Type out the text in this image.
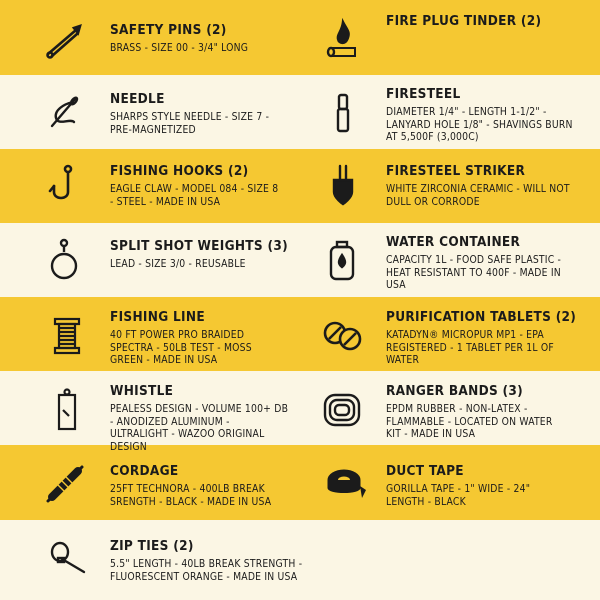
SAFETY PINS (2)
BRASS - SIZE 00 - 3/4" LONG
FIRE PLUG TINDER (2)
NEEDLE
SHARPS STYLE NEEDLE - SIZE 7 - PRE-MAGNETIZED
FIRESTEEL
DIAMETER 1/4" - LENGTH 1-1/2" - LANYARD HOLE 1/8" - SHAVINGS BURN AT 5,500F (3,000C)
FISHING HOOKS (2)
EAGLE CLAW - MODEL 084 - SIZE 8 - STEEL - MADE IN USA
FIRESTEEL STRIKER
WHITE ZIRCONIA CERAMIC - WILL NOT DULL OR CORRODE
SPLIT SHOT WEIGHTS (3)
LEAD - SIZE 3/0 - REUSABLE
WATER CONTAINER
CAPACITY 1L - FOOD SAFE PLASTIC - HEAT RESISTANT TO 400F - MADE IN USA
FISHING LINE
40 FT POWER PRO BRAIDED SPECTRA - 50LB TEST - MOSS GREEN - MADE IN USA
PURIFICATION TABLETS (2)
KATADYN® MICROPUR MP1 - EPA REGISTERED - 1 TABLET PER 1L OF WATER
WHISTLE
PEALESS DESIGN - VOLUME 100+ DB - ANODIZED ALUMINUM - ULTRALIGHT - WAZOO ORIGINAL DESIGN
RANGER BANDS (3)
EPDM RUBBER - NON-LATEX - FLAMMABLE - LOCATED ON WATER KIT - MADE IN USA
CORDAGE
25FT TECHNORA - 400LB BREAK SRENGTH - BLACK - MADE IN USA
DUCT TAPE
GORILLA TAPE - 1" WIDE - 24" LENGTH - BLACK
ZIP TIES (2)
5.5" LENGTH - 40LB BREAK STRENGTH - FLUORESCENT ORANGE - MADE IN USA
